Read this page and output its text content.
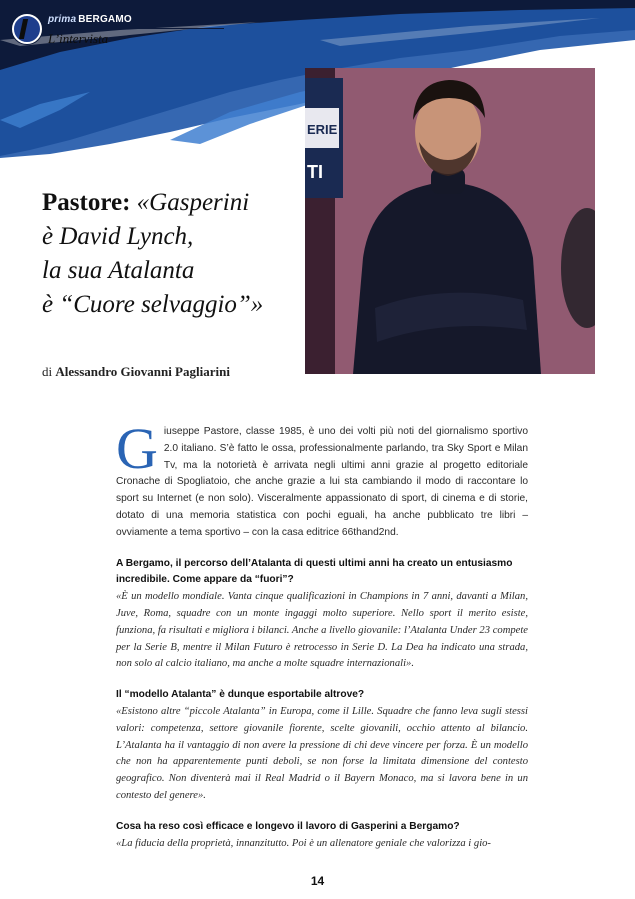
prima BERGAMO
L’intervista
ERIE
TI
Pastore: «Gasperini
è David Lynch,
la sua Atalanta
è “Cuore selvaggio”»
di Alessandro Giovanni Pagliarini

Giuseppe Pastore, classe 1985, è uno dei volti più noti del giornalismo sportivo 2.0 italiano. S’è fatto le ossa, professionalmente parlando, tra Sky Sport e Milan Tv, ma la notorietà è arrivata negli ultimi anni grazie al progetto editoriale Cronache di Spogliatoio, che anche grazie a lui sta cambiando il modo di raccontare lo sport su Internet (e non solo). Visceralmente appassionato di sport, di cinema e di storie, dotato di una memoria statistica con pochi eguali, ha anche pubblicato tre libri – ovviamente a tema sportivo – con la casa editrice 66thand2nd.

A Bergamo, il percorso dell’Atalanta di questi ultimi anni ha creato un entusiasmo incredibile. Come appare da “fuori”?

«È un modello mondiale. Vanta cinque qualificazioni in Champions in 7 anni, davanti a Milan, Juve, Roma, squadre con un monte ingaggi molto superiore. Nello sport il merito esiste, funziona, fa risultati e migliora i bilanci. Anche a livello giovanile: l’Atalanta Under 23 compete per la Serie B, mentre il Milan Futuro è retrocesso in Serie D. La Dea ha indicato una strada, non solo al calcio italiano, ma anche a molte squadre internazionali».

Il “modello Atalanta” è dunque esportabile altrove?

«Esistono altre “piccole Atalanta” in Europa, come il Lille. Squadre che fanno leva sugli stessi valori: competenza, settore giovanile fiorente, scelte giovanili, occhio attento al bilancio. L’Atalanta ha il vantaggio di non avere la pressione di chi deve vincere per forza. È un modello che non ha apparentemente punti deboli, se non forse la limitata dimensione del contesto geografico. Non diventerà mai il Real Madrid o il Bayern Monaco, ma si lavora bene in un contesto del genere».

Cosa ha reso così efficace e longevo il lavoro di Gasperini a Bergamo?

«La fiducia della proprietà, innanzitutto. Poi è un allenatore geniale che valorizza i gio-

14
